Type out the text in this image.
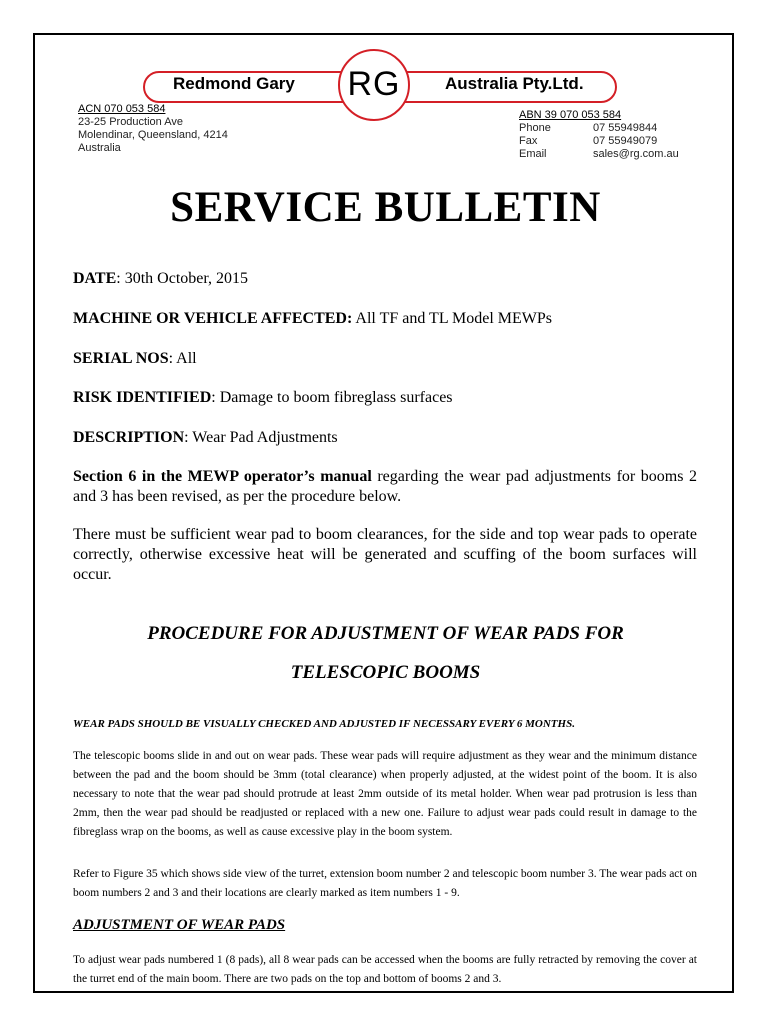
Redmond Gary	Australia Pty.Ltd.
RG
ACN 070 053 584
23-25 Production Ave
Molendinar, Queensland, 4214
Australia
ABN 39 070 053 584
Phone	07 55949844
Fax	07 55949079
Email	sales@rg.com.au
SERVICE BULLETIN
DATE: 30th October, 2015
MACHINE OR VEHICLE AFFECTED: All TF and TL Model MEWPs
SERIAL NOS: All
RISK IDENTIFIED: Damage to boom fibreglass surfaces
DESCRIPTION: Wear Pad Adjustments
Section 6 in the MEWP operator’s manual regarding the wear pad adjustments for booms 2 and 3 has been revised, as per the procedure below.
There must be sufficient wear pad to boom clearances, for the side and top wear pads to operate correctly, otherwise excessive heat will be generated and scuffing of the boom surfaces will occur.
PROCEDURE FOR ADJUSTMENT OF WEAR PADS FOR
TELESCOPIC BOOMS
WEAR PADS SHOULD BE VISUALLY CHECKED AND ADJUSTED IF NECESSARY EVERY 6 MONTHS.
The telescopic booms slide in and out on wear pads. These wear pads will require adjustment as they wear and the minimum distance between the pad and the boom should be 3mm (total clearance) when properly adjusted, at the widest point of the boom. It is also necessary to note that the wear pad should protrude at least 2mm outside of its metal holder. When wear pad protrusion is less than 2mm, then the wear pad should be readjusted or replaced with a new one. Failure to adjust wear pads could result in damage to the fibreglass wrap on the booms, as well as cause excessive play in the boom system.
Refer to Figure 35 which shows side view of the turret, extension boom number 2 and telescopic boom number 3. The wear pads act on boom numbers 2 and 3 and their locations are clearly marked as item numbers 1 - 9.
ADJUSTMENT OF WEAR PADS
To adjust wear pads numbered 1 (8 pads), all 8 wear pads can be accessed when the booms are fully retracted by removing the cover at the turret end of the main boom. There are two pads on the top and bottom of booms 2 and 3.
